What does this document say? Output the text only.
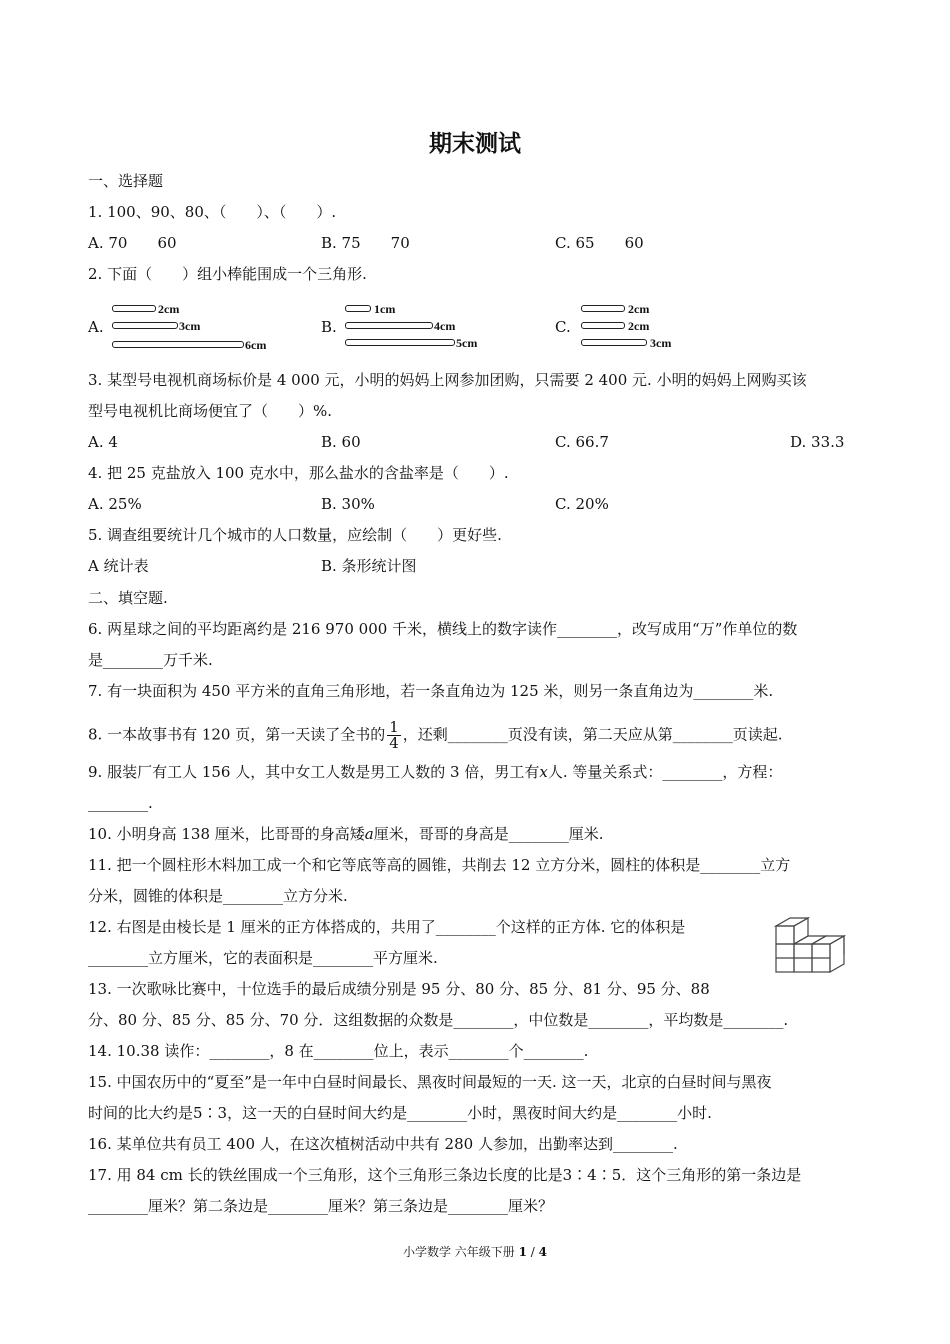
期末测试
一、选择题
1. 100、90、80、（　　）、（　　）.
A. 70　　60	B. 75　　70	C. 65　　60
2. 下面（　　）组小棒能围成一个三角形.
A.
2cm
3cm
6cm
B.
1cm
4cm
5cm
C.
2cm
2cm
3cm
3. 某型号电视机商场标价是 4 000 元，小明的妈妈上网参加团购，只需要 2 400 元. 小明的妈妈上网购买该
型号电视机比商场便宜了（　　）%.
A. 4	B. 60	C. 66.7	D. 33.3
4. 把 25 克盐放入 100 克水中，那么盐水的含盐率是（　　）.
A. 25%	B. 30%	C. 20%
5. 调查组要统计几个城市的人口数量，应绘制（　　）更好些.
A 统计表	B. 条形统计图
二、填空题.
6. 两星球之间的平均距离约是 216 970 000 千米，横线上的数字读作________，改写成用“万”作单位的数
是________万千米.
7. 有一块面积为 450 平方米的直角三角形地，若一条直角边为 125 米，则另一条直角边为________米.
8. 一本故事书有 120 页，第一天读了全书的 $\frac{1}{4}$ ，还剩________页没有读，第二天应从第________页读起.
9. 服装厂有工人 156 人，其中女工人数是男工人数的 3 倍，男工有x人. 等量关系式：________，方程：
________.
10. 小明身高 138 厘米，比哥哥的身高矮a厘米，哥哥的身高是________厘米.
11. 把一个圆柱形木料加工成一个和它等底等高的圆锥，共削去 12 立方分米，圆柱的体积是________立方
分米，圆锥的体积是________立方分米.
12. 右图是由棱长是 1 厘米的正方体搭成的，共用了________个这样的正方体. 它的体积是
________立方厘米，它的表面积是________平方厘米.
13. 一次歌咏比赛中，十位选手的最后成绩分别是 95 分、80 分、85 分、81 分、95 分、88
分、80 分、85 分、85 分、70 分．这组数据的众数是________，中位数是________，平均数是________.
14. 10.38 读作：________，8 在________位上，表示________个________.
15. 中国农历中的“夏至”是一年中白昼时间最长、黑夜时间最短的一天. 这一天，北京的白昼时间与黑夜
时间的比大约是5∶3，这一天的白昼时间大约是________小时，黑夜时间大约是________小时.
16. 某单位共有员工 400 人，在这次植树活动中共有 280 人参加，出勤率达到________.
17. 用 84 cm 长的铁丝围成一个三角形，这个三角形三条边长度的比是3∶4∶5．这个三角形的第一条边是
________厘米？第二条边是________厘米？第三条边是________厘米？
小学数学 六年级下册 1 / 4
